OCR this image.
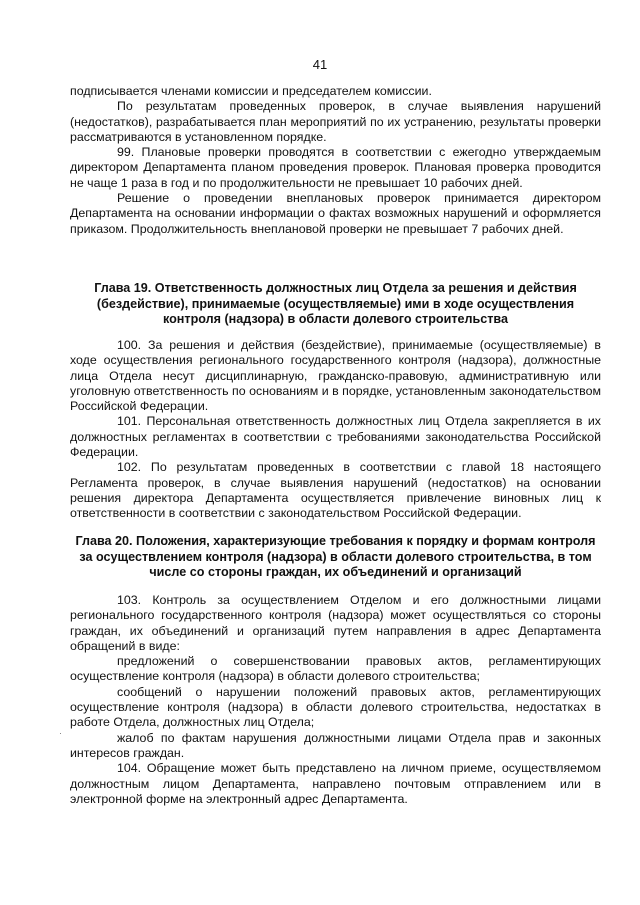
41

подписывается членами комиссии и председателем комиссии.

По результатам проведенных проверок, в случае выявления нарушений (недостатков), разрабатывается план мероприятий по их устранению, результаты проверки рассматриваются в установленном порядке.

99. Плановые проверки проводятся в соответствии с ежегодно утверждаемым директором Департамента планом проведения проверок. Плановая проверка проводится не чаще 1 раза в год и по продолжительности не превышает 10 рабочих дней.

Решение о проведении внеплановых проверок принимается директором Департамента на основании информации о фактах возможных нарушений и оформляется приказом. Продолжительность внеплановой проверки не превышает 7 рабочих дней.

Глава 19. Ответственность должностных лиц Отдела за решения и действия (бездействие), принимаемые (осуществляемые) ими в ходе осуществления контроля (надзора) в области долевого строительства

100. За решения и действия (бездействие), принимаемые (осуществляемые) в ходе осуществления регионального государственного контроля (надзора), должностные лица Отдела несут дисциплинарную, гражданско-правовую, административную или уголовную ответственность по основаниям и в порядке, установленным законодательством Российской Федерации.

101. Персональная ответственность должностных лиц Отдела закрепляется в их должностных регламентах в соответствии с требованиями законодательства Российской Федерации.

102. По результатам проведенных в соответствии с главой 18 настоящего Регламента проверок, в случае выявления нарушений (недостатков) на основании решения директора Департамента осуществляется привлечение виновных лиц к ответственности в соответствии с законодательством Российской Федерации.

Глава 20. Положения, характеризующие требования к порядку и формам контроля за осуществлением контроля (надзора) в области долевого строительства, в том числе со стороны граждан, их объединений и организаций

103. Контроль за осуществлением Отделом и его должностными лицами регионального государственного контроля (надзора) может осуществляться со стороны граждан, их объединений и организаций путем направления в адрес Департамента обращений в виде:

предложений о совершенствовании правовых актов, регламентирующих осуществление контроля (надзора) в области долевого строительства;

сообщений о нарушении положений правовых актов, регламентирующих осуществление контроля (надзора) в области долевого строительства, недостатках в работе Отдела, должностных лиц Отдела;

жалоб по фактам нарушения должностными лицами Отдела прав и законных интересов граждан.

104. Обращение может быть представлено на личном приеме, осуществляемом должностным лицом Департамента, направлено почтовым отправлением или в электронной форме на электронный адрес Департамента.
